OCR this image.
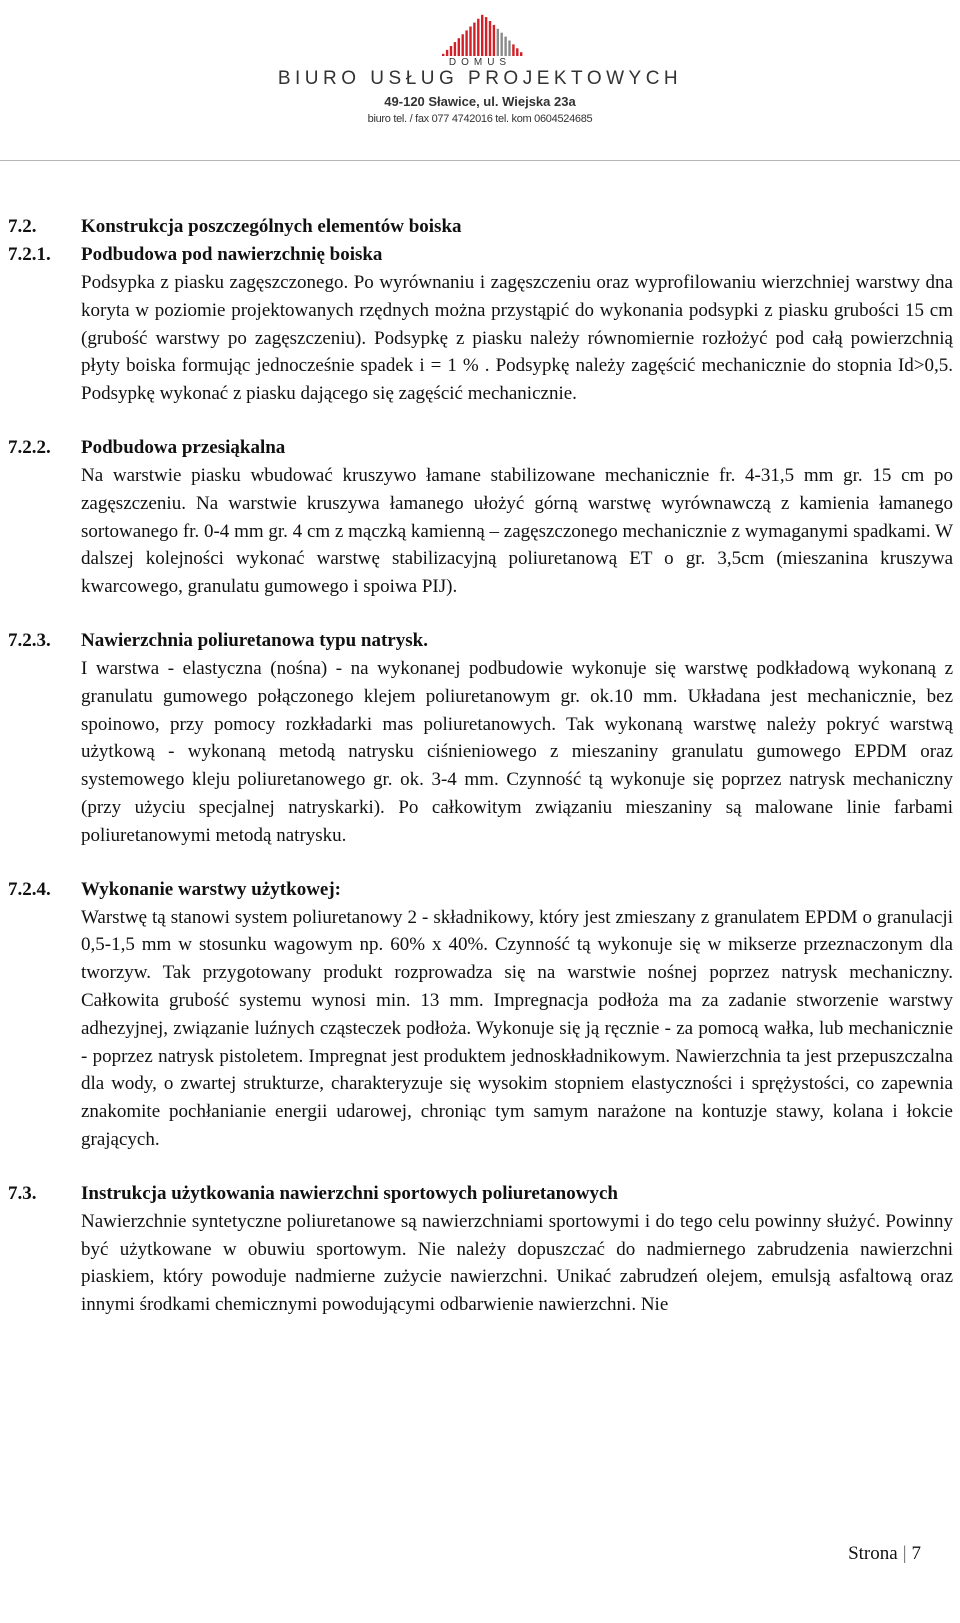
DOMUS
BIURO USŁUG PROJEKTOWYCH
49-120 Sławice, ul. Wiejska 23a
biuro tel. / fax 077 4742016 tel. kom 0604524685
7.2. Konstrukcja poszczególnych elementów boiska
7.2.1. Podbudowa pod nawierzchnię boiska
Podsypka z piasku zagęszczonego. Po wyrównaniu i zagęszczeniu oraz wyprofilowaniu wierzchniej warstwy dna koryta w poziomie projektowanych rzędnych można przystąpić do wykonania podsypki z piasku grubości 15 cm (grubość warstwy po zagęszczeniu). Podsypkę z piasku należy równomiernie rozłożyć pod całą powierzchnią płyty boiska formując jednocześnie spadek i = 1 % . Podsypkę należy zagęścić mechanicznie do stopnia Id>0,5. Podsypkę wykonać z piasku dającego się zagęścić mechanicznie.
7.2.2. Podbudowa przesiąkalna
Na warstwie piasku wbudować kruszywo łamane stabilizowane mechanicznie fr. 4-31,5 mm gr. 15 cm po zagęszczeniu. Na warstwie kruszywa łamanego ułożyć górną warstwę wyrównawczą z kamienia łamanego sortowanego fr. 0-4 mm gr. 4 cm z mączką kamienną – zagęszczonego mechanicznie z wymaganymi spadkami. W dalszej kolejności wykonać warstwę stabilizacyjną poliuretanową ET o gr. 3,5cm (mieszanina kruszywa kwarcowego, granulatu gumowego i spoiwa PIJ).
7.2.3. Nawierzchnia poliuretanowa typu natrysk.
I warstwa - elastyczna (nośna) - na wykonanej podbudowie wykonuje się warstwę podkładową wykonaną z granulatu gumowego połączonego klejem poliuretanowym gr. ok.10 mm. Układana jest mechanicznie, bez spoinowo, przy pomocy rozkładarki mas poliuretanowych. Tak wykonaną warstwę należy pokryć warstwą użytkową - wykonaną metodą natrysku ciśnieniowego z mieszaniny granulatu gumowego EPDM oraz systemowego kleju poliuretanowego gr. ok. 3-4 mm. Czynność tą wykonuje się poprzez natrysk mechaniczny (przy użyciu specjalnej natryskarki). Po całkowitym związaniu mieszaniny są malowane linie farbami poliuretanowymi metodą natrysku.
7.2.4. Wykonanie warstwy użytkowej:
Warstwę tą stanowi system poliuretanowy 2 - składnikowy, który jest zmieszany z granulatem EPDM o granulacji 0,5-1,5 mm w stosunku wagowym np. 60% x 40%. Czynność tą wykonuje się w mikserze przeznaczonym dla tworzyw. Tak przygotowany produkt rozprowadza się na warstwie nośnej poprzez natrysk mechaniczny. Całkowita grubość systemu wynosi min. 13 mm. Impregnacja podłoża ma za zadanie stworzenie warstwy adhezyjnej, związanie luźnych cząsteczek podłoża. Wykonuje się ją ręcznie - za pomocą wałka, lub mechanicznie - poprzez natrysk pistoletem. Impregnat jest produktem jednoskładnikowym. Nawierzchnia ta jest przepuszczalna dla wody, o zwartej strukturze, charakteryzuje się wysokim stopniem elastyczności i sprężystości, co zapewnia znakomite pochłanianie energii udarowej, chroniąc tym samym narażone na kontuzje stawy, kolana i łokcie grających.
7.3. Instrukcja użytkowania nawierzchni sportowych poliuretanowych
Nawierzchnie syntetyczne poliuretanowe są nawierzchniami sportowymi i do tego celu powinny służyć. Powinny być użytkowane w obuwiu sportowym. Nie należy dopuszczać do nadmiernego zabrudzenia nawierzchni piaskiem, który powoduje nadmierne zużycie nawierzchni. Unikać zabrudzeń olejem, emulsją asfaltową oraz innymi środkami chemicznymi powodującymi odbarwienie nawierzchni. Nie
Strona | 7
